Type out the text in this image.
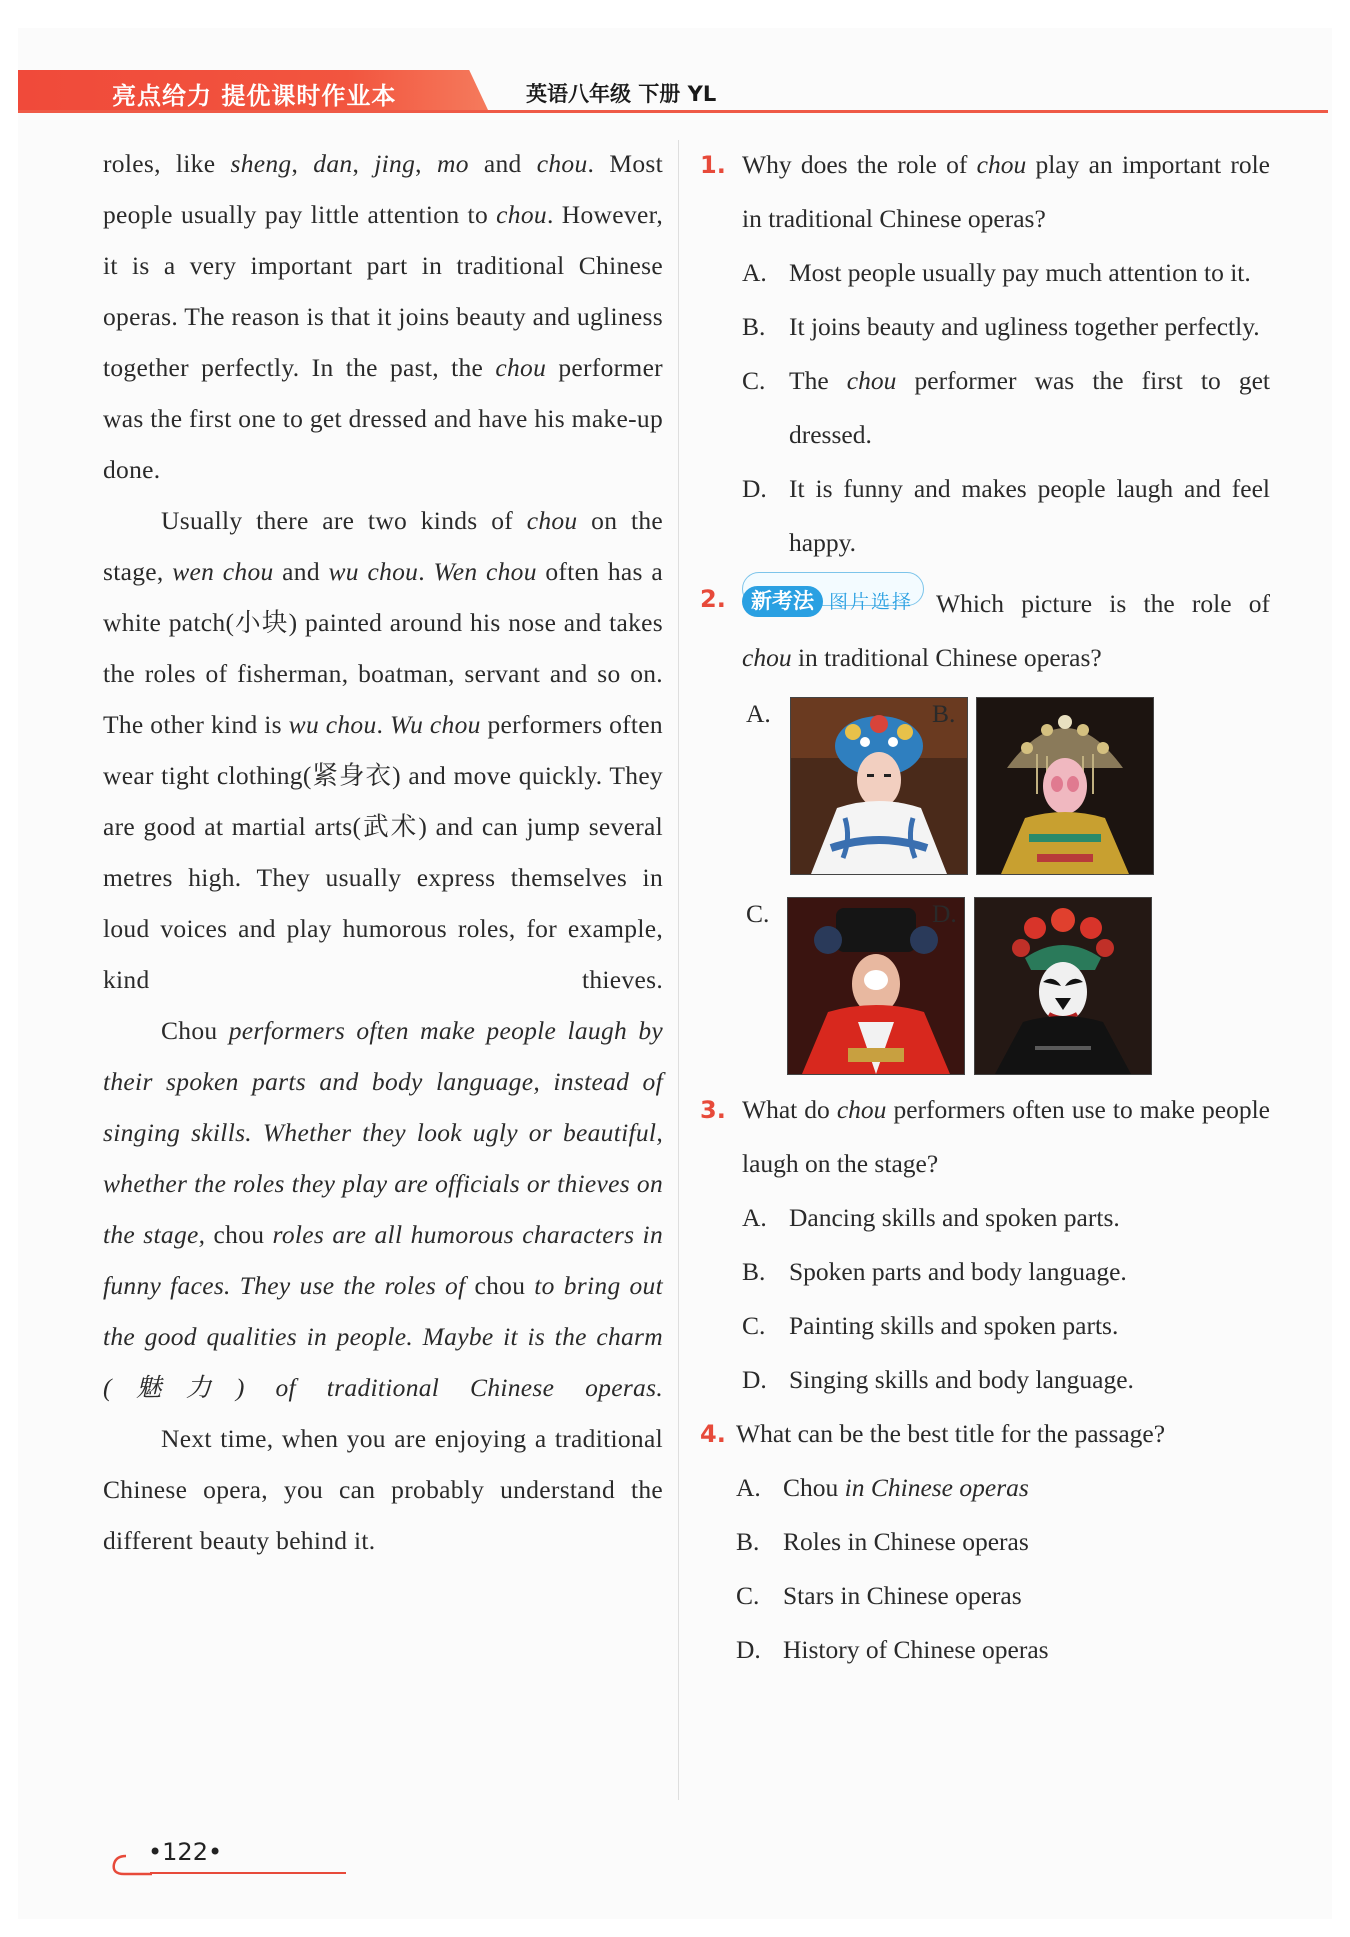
亮点给力 提优课时作业本	英语八年级 下册 YL

roles, like sheng, dan, jing, mo and chou. Most people usually pay little attention to chou. However, it is a very important part in traditional Chinese operas. The reason is that it joins beauty and ugliness together perfectly. In the past, the chou performer was the first one to get dressed and have his make-up done.

Usually there are two kinds of chou on the stage, wen chou and wu chou. Wen chou often has a white patch(小块) painted around his nose and takes the roles of fisherman, boatman, servant and so on. The other kind is wu chou. Wu chou performers often wear tight clothing(紧身衣) and move quickly. They are good at martial arts(武术) and can jump several metres high. They usually express themselves in loud voices and play humorous roles, for example, kind thieves.

Chou performers often make people laugh by their spoken parts and body language, instead of singing skills. Whether they look ugly or beautiful, whether the roles they play are officials or thieves on the stage, chou roles are all humorous characters in funny faces. They use the roles of chou to bring out the good qualities in people. Maybe it is the charm (魅力) of traditional Chinese operas.

Next time, when you are enjoying a traditional Chinese opera, you can probably understand the different beauty behind it.

1. Why does the role of chou play an important role in traditional Chinese operas?

A. Most people usually pay much attention to it.
B. It joins beauty and ugliness together perfectly.
C. The chou performer was the first to get dressed.
D. It is funny and makes people laugh and feel happy.
2.	新考法 图片选择 Which picture is the role of chou in traditional Chinese operas?

A.	B.
C.	D.
3. What do chou performers often use to make people laugh on the stage?

A. Dancing skills and spoken parts.
B. Spoken parts and body language.
C. Painting skills and spoken parts.
D. Singing skills and body language.
4. What can be the best title for the passage?

A. Chou in Chinese operas
B. Roles in Chinese operas
C. Stars in Chinese operas
D. History of Chinese operas
•122•
